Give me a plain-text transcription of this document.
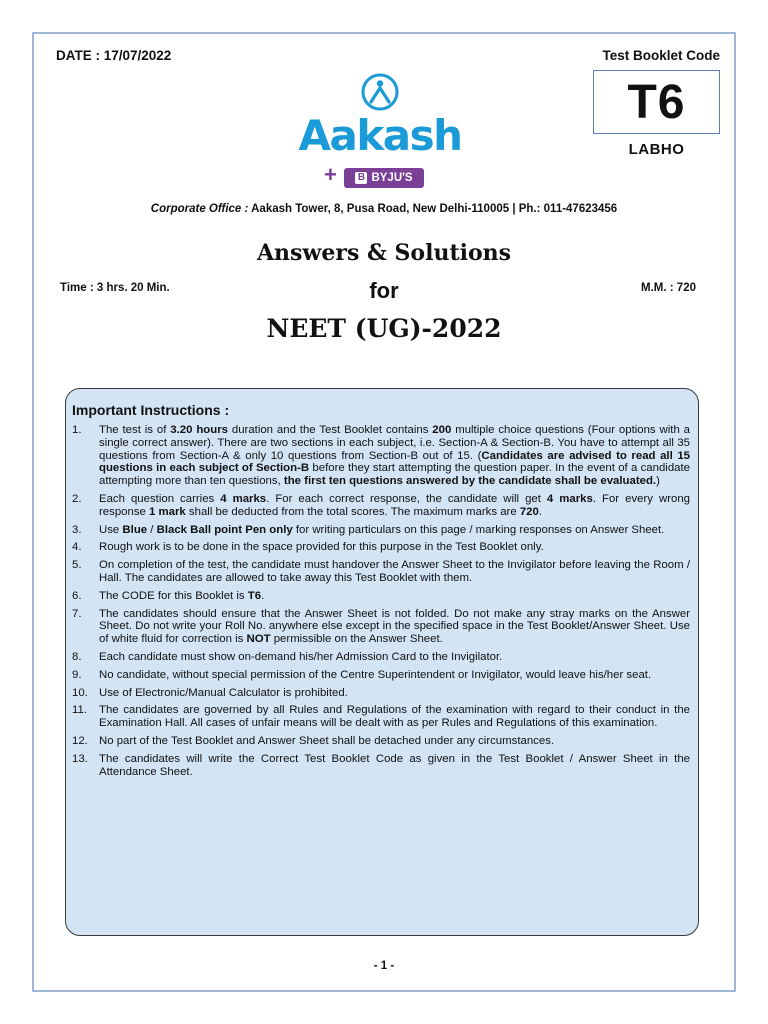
DATE : 17/07/2022	Test Booklet Code
T6
LABHO
Aakash
+ B BYJU'S
Corporate Office : Aakash Tower, 8, Pusa Road, New Delhi-110005 | Ph.: 011-47623456
Answers & Solutions
for
NEET (UG)-2022
Time : 3 hrs. 20 Min.	M.M. : 720
Important Instructions :
1.	The test is of 3.20 hours duration and the Test Booklet contains 200 multiple choice questions (Four options with a single correct answer). There are two sections in each subject, i.e. Section-A & Section-B. You have to attempt all 35 questions from Section-A & only 10 questions from Section-B out of 15. (Candidates are advised to read all 15 questions in each subject of Section-B before they start attempting the question paper. In the event of a candidate attempting more than ten questions, the first ten questions answered by the candidate shall be evaluated.)
2.	Each question carries 4 marks. For each correct response, the candidate will get 4 marks. For every wrong response 1 mark shall be deducted from the total scores. The maximum marks are 720.
3.	Use Blue / Black Ball point Pen only for writing particulars on this page / marking responses on Answer Sheet.
4.	Rough work is to be done in the space provided for this purpose in the Test Booklet only.
5.	On completion of the test, the candidate must handover the Answer Sheet to the Invigilator before leaving the Room / Hall. The candidates are allowed to take away this Test Booklet with them.
6.	The CODE for this Booklet is T6.
7.	The candidates should ensure that the Answer Sheet is not folded. Do not make any stray marks on the Answer Sheet. Do not write your Roll No. anywhere else except in the specified space in the Test Booklet/Answer Sheet. Use of white fluid for correction is NOT permissible on the Answer Sheet.
8.	Each candidate must show on-demand his/her Admission Card to the Invigilator.
9.	No candidate, without special permission of the Centre Superintendent or Invigilator, would leave his/her seat.
10. Use of Electronic/Manual Calculator is prohibited.
11.	The candidates are governed by all Rules and Regulations of the examination with regard to their conduct in the Examination Hall. All cases of unfair means will be dealt with as per Rules and Regulations of this examination.
12. No part of the Test Booklet and Answer Sheet shall be detached under any circumstances.
13. The candidates will write the Correct Test Booklet Code as given in the Test Booklet / Answer Sheet in the Attendance Sheet.
- 1 -
